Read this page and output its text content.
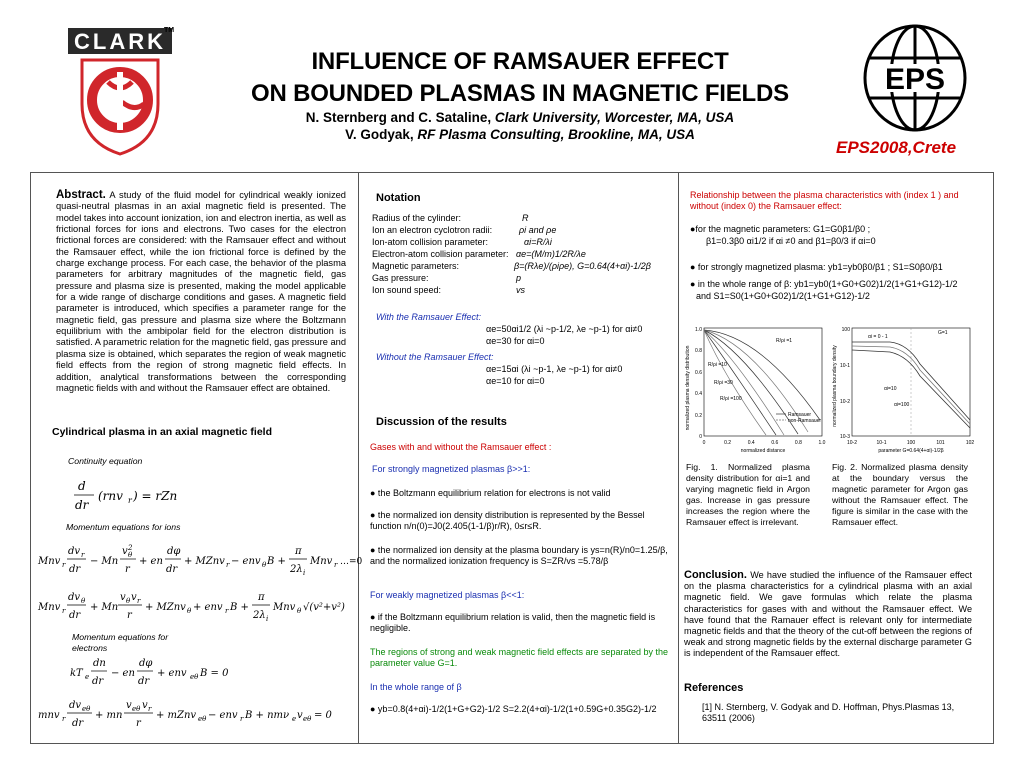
CLARK
TM
INFLUENCE OF RAMSAUER EFFECT
ON BOUNDED PLASMAS IN MAGNETIC FIELDS
N. Sternberg and C. Sataline, Clark University, Worcester, MA, USA
V. Godyak, RF Plasma Consulting, Brookline, MA, USA
EPS
EPS2008,Crete
Abstract. A study of the fluid model for cylindrical weakly ionized quasi-neutral plasmas in an axial magnetic field is presented. The model takes into account ionization, ion and electron inertia, as well as frictional forces for ions and electrons. Two cases for the electron frictional forces are considered: with the Ramsauer effect and without the Ramsauer effect, while the ion frictional force is defined by the charge exchange process. For each case, the behavior of the plasma parameters for arbitrary magnitudes of the magnetic field, gas pressure and plasma size is presented, making the model applicable for a wide range of discharge conditions and gases. A magnetic field parameter is introduced, which specifies a parameter range for the magnetic field, gas pressure and plasma size where the Boltzmann equilibrium with the ambipolar field for the electron distribution is satisfied. A parametric relation for the magnetic field, gas pressure and plasma size is obtained, which separates the region of weak magnetic field effects from the region of strong magnetic field effects. In addition, analytical transformations between the corresponding magnetic fields with and without the Ramsauer effect are obtained.
Cylindrical plasma in an axial magnetic field
Continuity equation
d
dr
(rnv r ) = rZn
Momentum equations for ions
Mnv r
dv r
dr
− Mn
v 2
θ
r
+ en
dφ
dr
+ MZnv r − env θ B +
π
2λ i
Mnv r …=0
Mnv r
dv θ
dr
+ Mn
v θ v r
r
+ MZnv θ + env r B +
π
2λ i
Mnv θ √(v²+v²)
Momentum equations for electrons
kT e
dn
dr
− en
dφ
dr
+ env eθ B = 0
mnv r
dv eθ
dr
+ mn
v eθ v r
r
+ mZnv eθ − env r B + nmν e v eθ = 0
Notation
Radius of the cylinder:	R
Ion an electron cyclotron radii:	ρi and ρe
Ion-atom collision parameter:	αi=R/λi
Electron-atom collision parameter: αe=(M/m)1/2R/λe
Magnetic parameters:	β=(Rλe)/(ρiρe), G=0.64(4+αi)-1/2β
Gas pressure:	p
Ion sound speed:	vs
With the Ramsauer Effect:
αe=50αi1/2 (λi ~p-1/2, λe ~p-1) for αi≠0
αe=30 for αi=0
Without the Ramsauer Effect:
αe=15αi (λi ~p-1, λe ~p-1) for αi≠0
αe=10 for αi=0
Discussion of the results
Gases with and without the Ramsauer effect :
For strongly magnetized plasmas β>>1:
● the Boltzmann equilibrium relation for electrons is not valid
● the normalized ion density distribution is represented by the Bessel function n/n(0)=J0(2.405(1-1/β)r/R), 0≤r≤R.
● the normalized ion density at the plasma boundary is ys=n(R)/n0=1.25/β, and the normalized ionization frequency is S=ZR/vs =5.78/β
For weakly magnetized plasmas β<<1:
● if the Boltzmann equilibrium relation is valid, then the magnetic field is negligible.
The regions of strong and weak magnetic field effects are separated by the parameter value G=1.
In the whole range of β
● yb=0.8(4+αi)-1/2(1+G+G2)-1/2 S=2.2(4+αi)-1/2(1+0.59G+0.35G2)-1/2
Relationship between the plasma characteristics with (index 1 ) and without (index 0) the Ramsauer effect:
●for the magnetic parameters: G1=G0β1/β0 ;
β1=0.3β0 αi1/2 if αi ≠0 and β1=β0/3 if αi=0
● for strongly magnetized plasma: yb1=yb0β0/β1 ; S1=S0β0/β1
● in the whole range of β: yb1=yb0(1+G0+G02)1/2(1+G1+G12)-1/2
and S1=S0(1+G0+G02)1/2(1+G1+G12)-1/2
normalized plasma density distribution
0
0.2
0.4
0.6
0.8
1.0
0	0.2	0.4	0.6	0.8	1.0
normalized distance
R/ρi =1
R/ρi =10
R/ρi =30
R/ρi =100
Ramsauer
non-Ramsauer
Fig. 1. Normalized plasma density distribution for αi=1 and varying magnetic field in Argon gas. Increase in gas pressure increases the region where the Ramsauer effect is irrelevant.
normalized plasma boundary density
100
10-1
10-2
10-3
10-2	10-1	100	101	102
parameter G=0.64(4+αi)-1/2β
αi = 0 - 1
αi=10
αi=100
G=1
Fig. 2. Normalized plasma density at the boundary versus the magnetic parameter for Argon gas without the Ramsauer effect. The figure is similar in the case with the Ramsauer effect.
Conclusion. We have studied the influence of the Ramsauer effect on the plasma characteristics for a cylindrical plasma with an axial magnetic field. We gave formulas which relate the plasma characteristics for gases with and without the Ramsauer effect. We have found that the Ramauer effect is relevant only for intermediate magnetic fields and that the theory of the cut-off between the regions of weak and strong magnetic fields by the external discharge parameter G is independent of the Ramsauer effect.
References
[1] N. Sternberg, V. Godyak and D. Hoffman, Phys.Plasmas 13, 63511 (2006)
